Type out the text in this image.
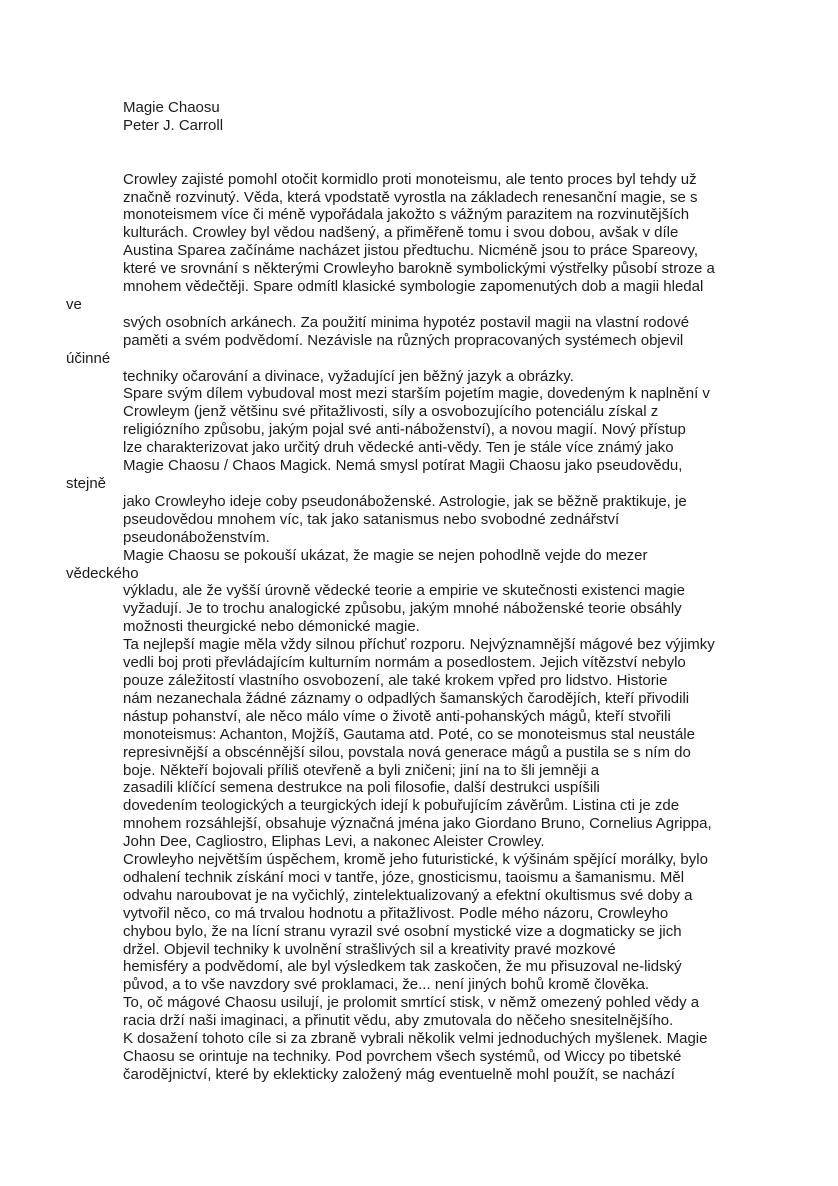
Magie Chaosu
Peter J. Carroll
Crowley zajisté pomohl otočit kormidlo proti monoteismu, ale tento proces byl tehdy už
značně rozvinutý. Věda, která vpodstatě vyrostla na základech renesanční magie, se s
monoteismem více či méně vypořádala jakožto s vážným parazitem na rozvinutějších
kulturách. Crowley byl vědou nadšený, a přiměřeně tomu i svou dobou, avšak v díle
Austina Sparea začínáme nacházet jistou předtuchu. Nicméně jsou to práce Spareovy,
které ve srovnání s některými Crowleyho barokně symbolickými výstřelky působí stroze a
mnohem vědečtěji. Spare odmítl klasické symbologie zapomenutých dob a magii hledal
ve
svých osobních arkánech. Za použití minima hypotéz postavil magii na vlastní rodové
paměti a svém podvědomí. Nezávisle na různých propracovaných systémech objevil
účinné
techniky očarování a divinace, vyžadující jen běžný jazyk a obrázky.
Spare svým dílem vybudoval most mezi starším pojetím magie, dovedeným k naplnění v
Crowleym (jenž většinu své přitažlivosti, síly a osvobozujícího potenciálu získal z
religiózního způsobu, jakým pojal své anti-náboženství), a novou magií. Nový přístup
lze charakterizovat jako určitý druh vědecké anti-vědy. Ten je stále více známý jako
Magie Chaosu / Chaos Magick. Nemá smysl potírat Magii Chaosu jako pseudovědu,
stejně
jako Crowleyho ideje coby pseudonáboženské. Astrologie, jak se běžně praktikuje, je
pseudovědou mnohem víc, tak jako satanismus nebo svobodné zednářství
pseudonáboženstvím.
Magie Chaosu se pokouší ukázat, že magie se nejen pohodlně vejde do mezer
vědeckého
výkladu, ale že vyšší úrovně vědecké teorie a empirie ve skutečnosti existenci magie
vyžadují. Je to trochu analogické způsobu, jakým mnohé náboženské teorie obsáhly
možnosti theurgické nebo démonické magie.
Ta nejlepší magie měla vždy silnou příchuť rozporu. Nejvýznamnější mágové bez výjimky
vedli boj proti převládajícím kulturním normám a posedlostem. Jejich vítězství nebylo
pouze záležitostí vlastního osvobození, ale také krokem vpřed pro lidstvo. Historie
nám nezanechala žádné záznamy o odpadlých šamanských čarodějích, kteří přivodili
nástup pohanství, ale něco málo víme o životě anti-pohanských mágů, kteří stvořili
monoteismus: Achanton, Mojžíš, Gautama atd. Poté, co se monoteismus stal neustále
represivnější a obscénnější silou, povstala nová generace mágů a pustila se s ním do
boje. Někteří bojovali příliš otevřeně a byli zničeni; jiní na to šli jemněji a
zasadili klíčící semena destrukce na poli filosofie, další destrukci uspíšili
dovedením teologických a teurgických idejí k pobuřujícím závěrům. Listina cti je zde
mnohem rozsáhlejší, obsahuje význačná jména jako Giordano Bruno, Cornelius Agrippa,
John Dee, Cagliostro, Eliphas Levi, a nakonec Aleister Crowley.
Crowleyho největším úspěchem, kromě jeho futuristické, k výšinám spějící morálky, bylo
odhalení technik získání moci v tantře, józe, gnosticismu, taoismu a šamanismu. Měl
odvahu naroubovat je na vyčichlý, zintelektualizovaný a efektní okultismus své doby a
vytvořil něco, co má trvalou hodnotu a přitažlivost. Podle mého názoru, Crowleyho
chybou bylo, že na lícní stranu vyrazil své osobní mystické vize a dogmaticky se jich
držel. Objevil techniky k uvolnění strašlivých sil a kreativity pravé mozkové
hemisféry a podvědomí, ale byl výsledkem tak zaskočen, že mu přisuzoval ne-lidský
původ, a to vše navzdory své proklamaci, že... není jiných bohů kromě člověka.
To, oč mágové Chaosu usilují, je prolomit smrtící stisk, v němž omezený pohled vědy a
racia drží naši imaginaci, a přinutit vědu, aby zmutovala do něčeho snesitelnějšího.
K dosažení tohoto cíle si za zbraně vybrali několik velmi jednoduchých myšlenek. Magie
Chaosu se orintuje na techniky. Pod povrchem všech systémů, od Wiccy po tibetské
čarodějnictví, které by eklekticky založený mág eventuelně mohl použít, se nachází
